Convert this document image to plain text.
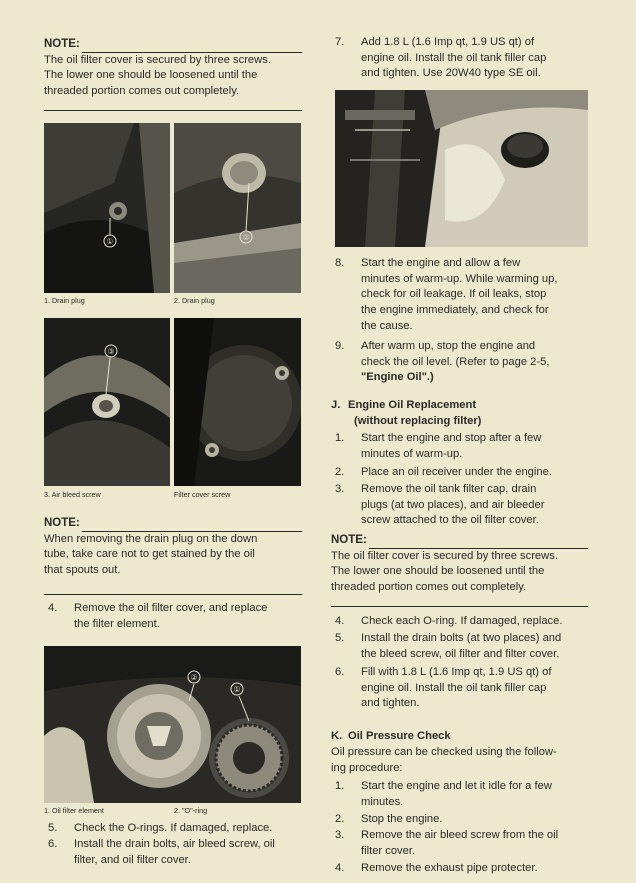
NOTE:

The oil filter cover is secured by three screws.

The lower one should be loosened until the

threaded portion comes out completely.

①	②
1. Drain plug	2. Drain plug
③
3. Air bleed screw	Filter cover screw
NOTE:

When removing the drain plug on the down

tube, take care not to get stained by the oil

that spouts out.

4.	Remove the oil filter cover, and replace

the filter element.

②
①
1. Oil filter element	2. "O"-ring
5.	Check the O-rings. If damaged, replace.

6.	Install the drain bolts, air bleed screw, oil

filter, and oil filter cover.

7.	Add 1.8 L (1.6 Imp qt, 1.9 US qt) of

engine oil. Install the oil tank filler cap

and tighten. Use 20W40 type SE oil.

8.	Start the engine and allow a few

minutes of warm-up. While warming up,

check for oil leakage. If oil leaks, stop

the engine immediately, and check for

the cause.

9.	After warm up, stop the engine and

check the oil level. (Refer to page 2-5,

"Engine Oil".)

J. Engine Oil Replacement

(without replacing filter)

1.	Start the engine and stop after a few

minutes of warm-up.

2.	Place an oil receiver under the engine.

3.	Remove the oil tank filter cap, drain

plugs (at two places), and air bleeder

screw attached to the oil filter cover.

NOTE:

The oil filter cover is secured by three screws.

The lower one should be loosened until the

threaded portion comes out completely.

4.	Check each O-ring. If damaged, replace.

5.	Install the drain bolts (at two places) and

the bleed screw, oil filter and filter cover.

6.	Fill with 1.8 L (1.6 Imp qt, 1.9 US qt) of

engine oil. Install the oil tank filler cap

and tighten.

K. Oil Pressure Check

Oil pressure can be checked using the follow-

ing procedure:

1.	Start the engine and let it idle for a few

minutes.

2.	Stop the engine.

3.	Remove the air bleed screw from the oil

filter cover.

4.	Remove the exhaust pipe protecter.
